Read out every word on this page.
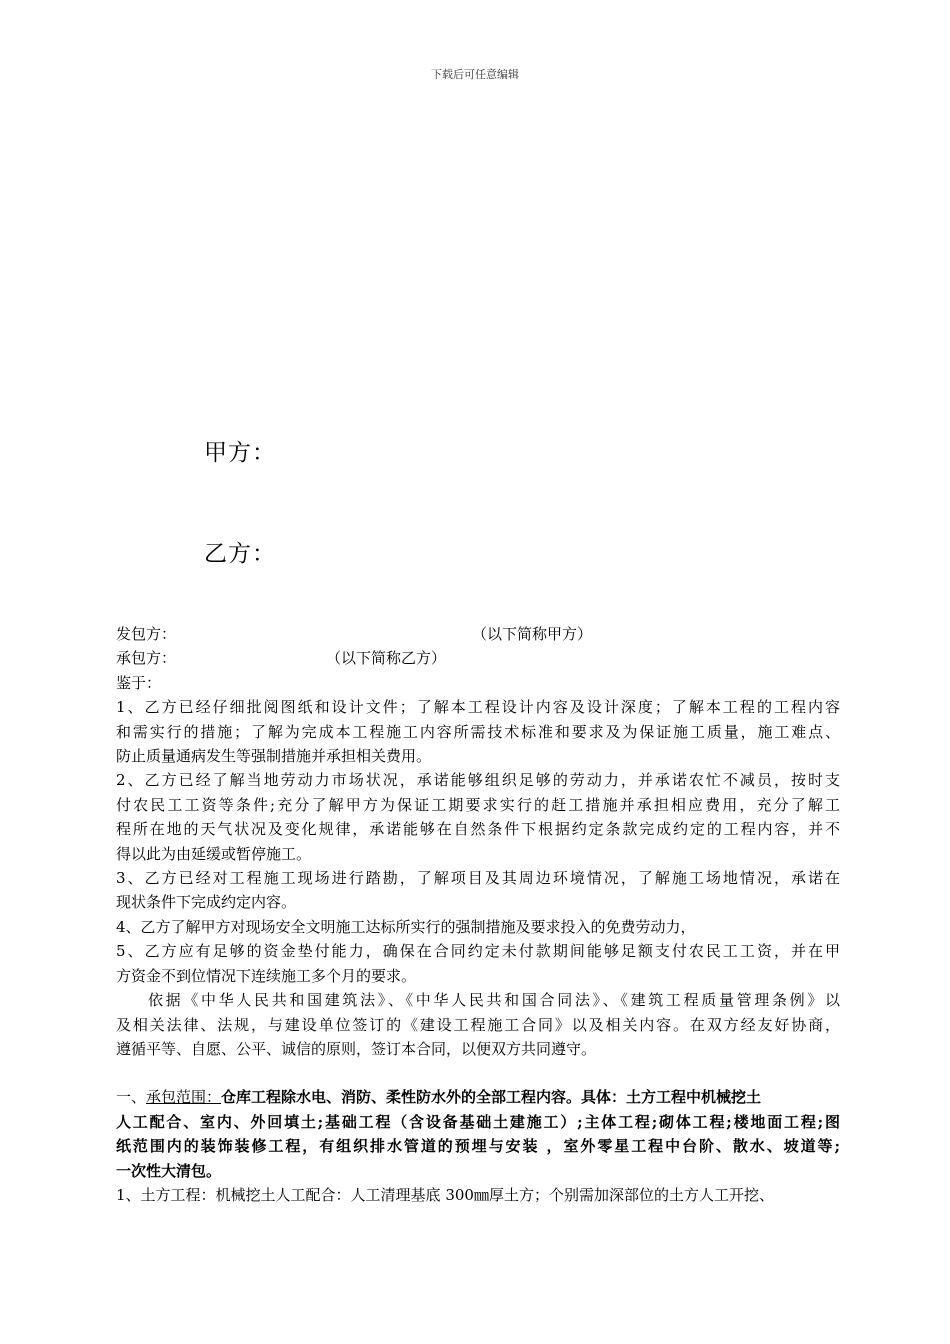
下载后可任意编辑
甲方：
乙方：
发包方：	（以下简称甲方）
承包方：	（以下简称乙方）
鉴于：
1、乙方已经仔细批阅图纸和设计文件；了解本工程设计内容及设计深度；了解本工程的工程内容
和需实行的措施；了解为完成本工程施工内容所需技术标准和要求及为保证施工质量，施工难点、
防止质量通病发生等强制措施并承担相关费用。
2、乙方已经了解当地劳动力市场状况，承诺能够组织足够的劳动力，并承诺农忙不减员，按时支
付农民工工资等条件;充分了解甲方为保证工期要求实行的赶工措施并承担相应费用，充分了解工
程所在地的天气状况及变化规律，承诺能够在自然条件下根据约定条款完成约定的工程内容，并不
得以此为由延缓或暂停施工。
3、乙方已经对工程施工现场进行踏勘，了解项目及其周边环境情况，了解施工场地情况，承诺在
现状条件下完成约定内容。
4、乙方了解甲方对现场安全文明施工达标所实行的强制措施及要求投入的免费劳动力，
5、乙方应有足够的资金垫付能力，确保在合同约定未付款期间能够足额支付农民工工资，并在甲
方资金不到位情况下连续施工多个月的要求。
依据《中华人民共和国建筑法》、《中华人民共和国合同法》、《建筑工程质量管理条例》以
及相关法律、法规，与建设单位签订的《建设工程施工合同》以及相关内容。在双方经友好协商，
遵循平等、自愿、公平、诚信的原则，签订本合同，以便双方共同遵守。
一、承包范围：仓库工程除水电、消防、柔性防水外的全部工程内容。具体：土方工程中机械挖土
人工配合、室内、外回填土;基础工程（含设备基础土建施工）;主体工程;砌体工程;楼地面工程;图
纸范围内的装饰装修工程，有组织排水管道的预埋与安装 ，室外零星工程中台阶、散水、坡道等;
一次性大清包。
1、土方工程：机械挖土人工配合：人工清理基底 300㎜厚土方；个别需加深部位的土方人工开挖、
